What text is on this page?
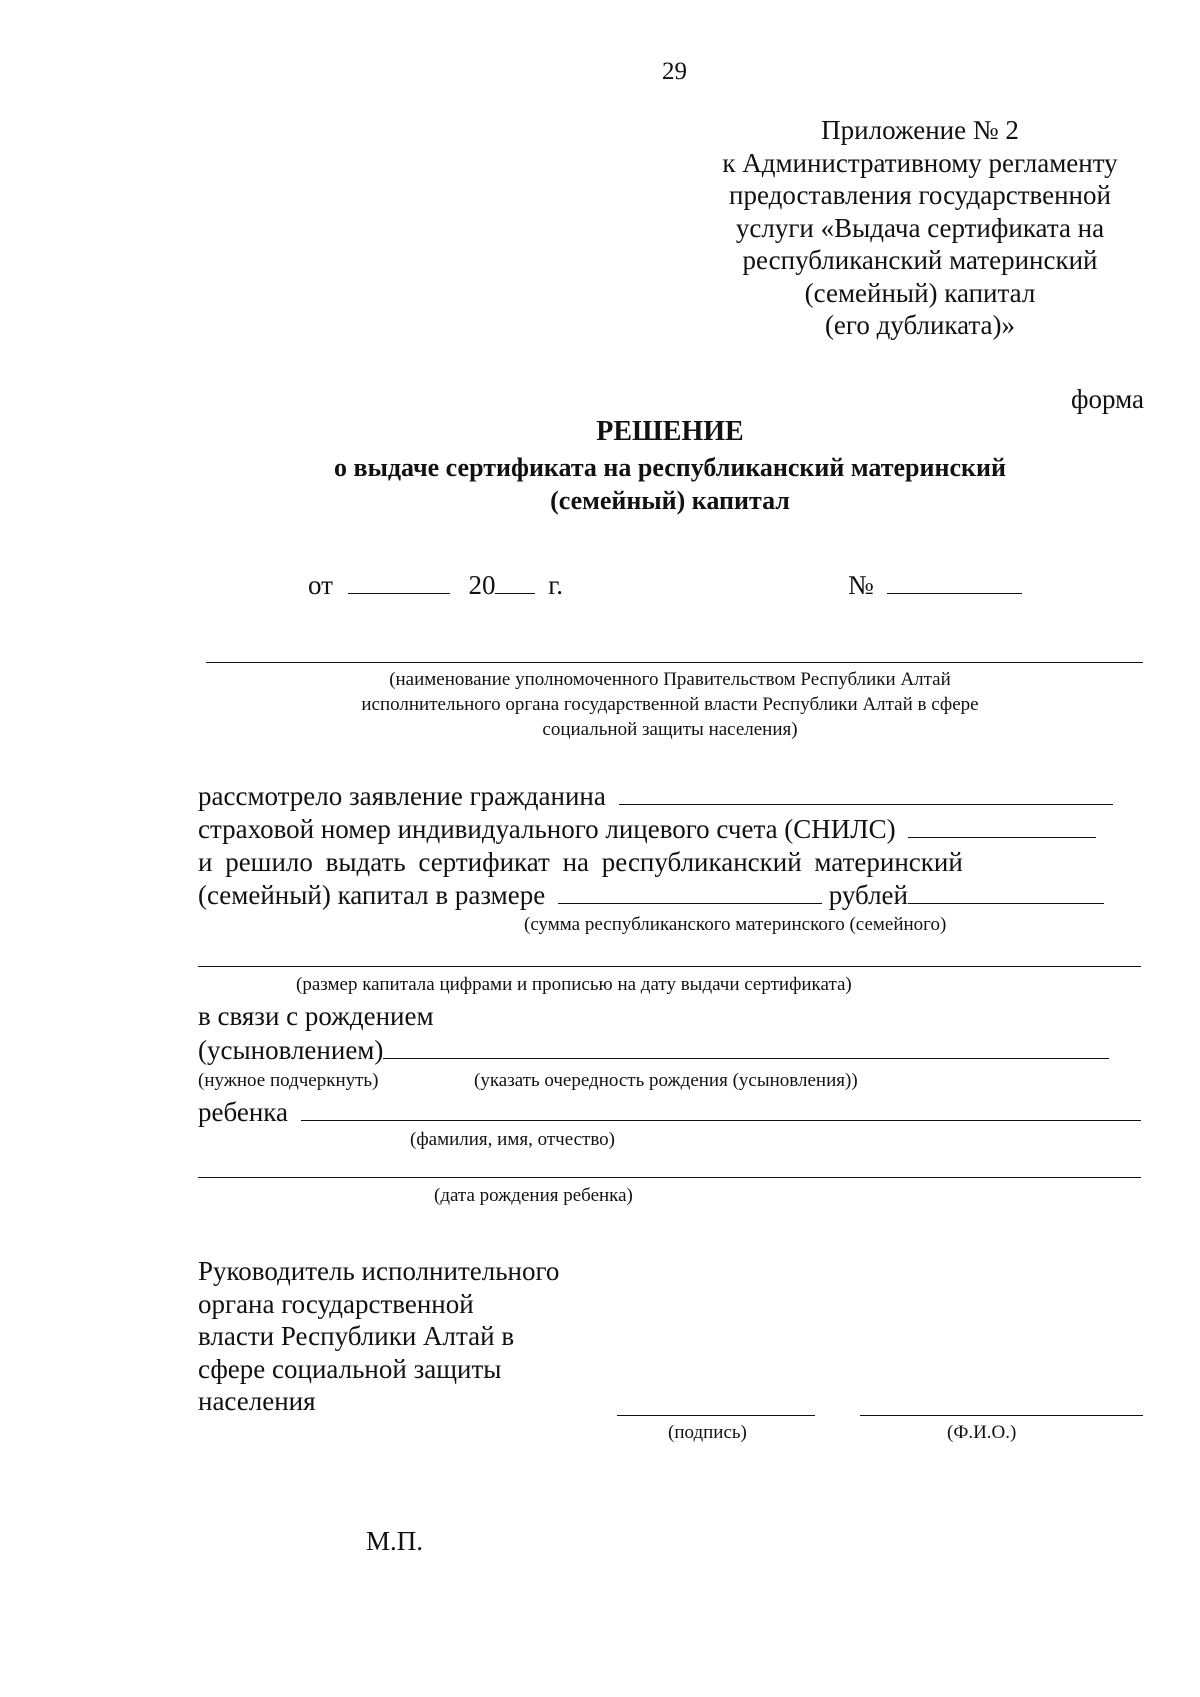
29
Приложение № 2
к Административному регламенту
предоставления государственной
услуги «Выдача сертификата на
республиканский материнский
(семейный) капитал
(его дубликата)»
форма
РЕШЕНИЕ
о выдаче сертификата на республиканский материнский
(семейный) капитал
от	20 г.	№
(наименование уполномоченного Правительством Республики Алтай
исполнительного органа государственной власти Республики Алтай в сфере
социальной защиты населения)
рассмотрело заявление гражданина
страховой номер индивидуального лицевого счета (СНИЛС)
и решило выдать сертификат на республиканский материнский
(семейный) капитал в размере	рублей
(сумма республиканского материнского (семейного)
(размер капитала цифрами и прописью на дату выдачи сертификата)
в связи с рождением
(усыновлением)
(нужное подчеркнуть)	(указать очередность рождения (усыновления))
ребенка
(фамилия, имя, отчество)
(дата рождения ребенка)
Руководитель исполнительного
органа государственной
власти Республики Алтай в
сфере социальной защиты
населения
(подпись)	(Ф.И.О.)
М.П.
